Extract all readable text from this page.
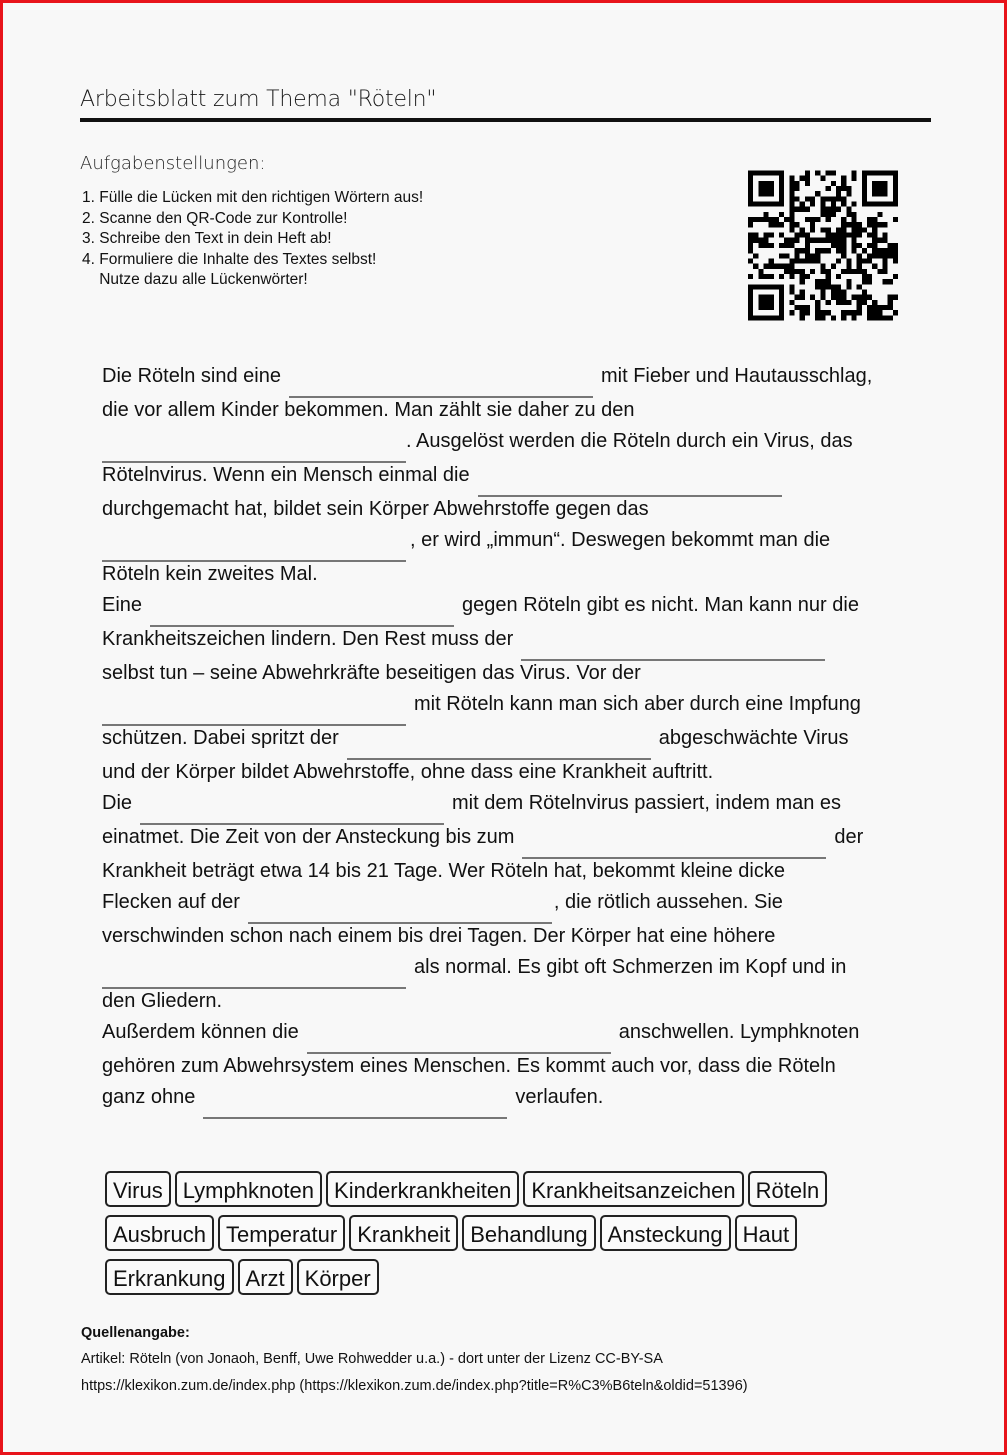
Arbeitsblatt zum Thema "Röteln"
Aufgabenstellungen:
1. Fülle die Lücken mit den richtigen Wörtern aus!
2. Scanne den QR-Code zur Kontrolle!
3. Schreibe den Text in dein Heft ab!
4. Formuliere die Inhalte des Textes selbst!
Nutze dazu alle Lückenwörter!
Die Röteln sind eine	mit Fieber und Hautausschlag,
die vor allem Kinder bekommen. Man zählt sie daher zu den
. Ausgelöst werden die Röteln durch ein Virus, das
Rötelnvirus. Wenn ein Mensch einmal die
durchgemacht hat, bildet sein Körper Abwehrstoffe gegen das
, er wird „immun“. Deswegen bekommt man die
Röteln kein zweites Mal.
Eine	gegen Röteln gibt es nicht. Man kann nur die
Krankheitszeichen lindern. Den Rest muss der
selbst tun – seine Abwehrkräfte beseitigen das Virus. Vor der
mit Röteln kann man sich aber durch eine Impfung
schützen. Dabei spritzt der	abgeschwächte Virus
und der Körper bildet Abwehrstoffe, ohne dass eine Krankheit auftritt.
Die	mit dem Rötelnvirus passiert, indem man es
einatmet. Die Zeit von der Ansteckung bis zum	der
Krankheit beträgt etwa 14 bis 21 Tage. Wer Röteln hat, bekommt kleine dicke
Flecken auf der	, die rötlich aussehen. Sie
verschwinden schon nach einem bis drei Tagen. Der Körper hat eine höhere
als normal. Es gibt oft Schmerzen im Kopf und in
den Gliedern.
Außerdem können die	anschwellen. Lymphknoten
gehören zum Abwehrsystem eines Menschen. Es kommt auch vor, dass die Röteln
ganz ohne	verlaufen.
Virus Lymphknoten Kinderkrankheiten Krankheitsanzeichen Röteln
Ausbruch Temperatur Krankheit Behandlung Ansteckung Haut
Erkrankung Arzt Körper
Quellenangabe:
Artikel: Röteln (von Jonaoh, Benff, Uwe Rohwedder u.a.) - dort unter der Lizenz CC-BY-SA
https://klexikon.zum.de/index.php (https://klexikon.zum.de/index.php?title=R%C3%B6teln&oldid=51396)
